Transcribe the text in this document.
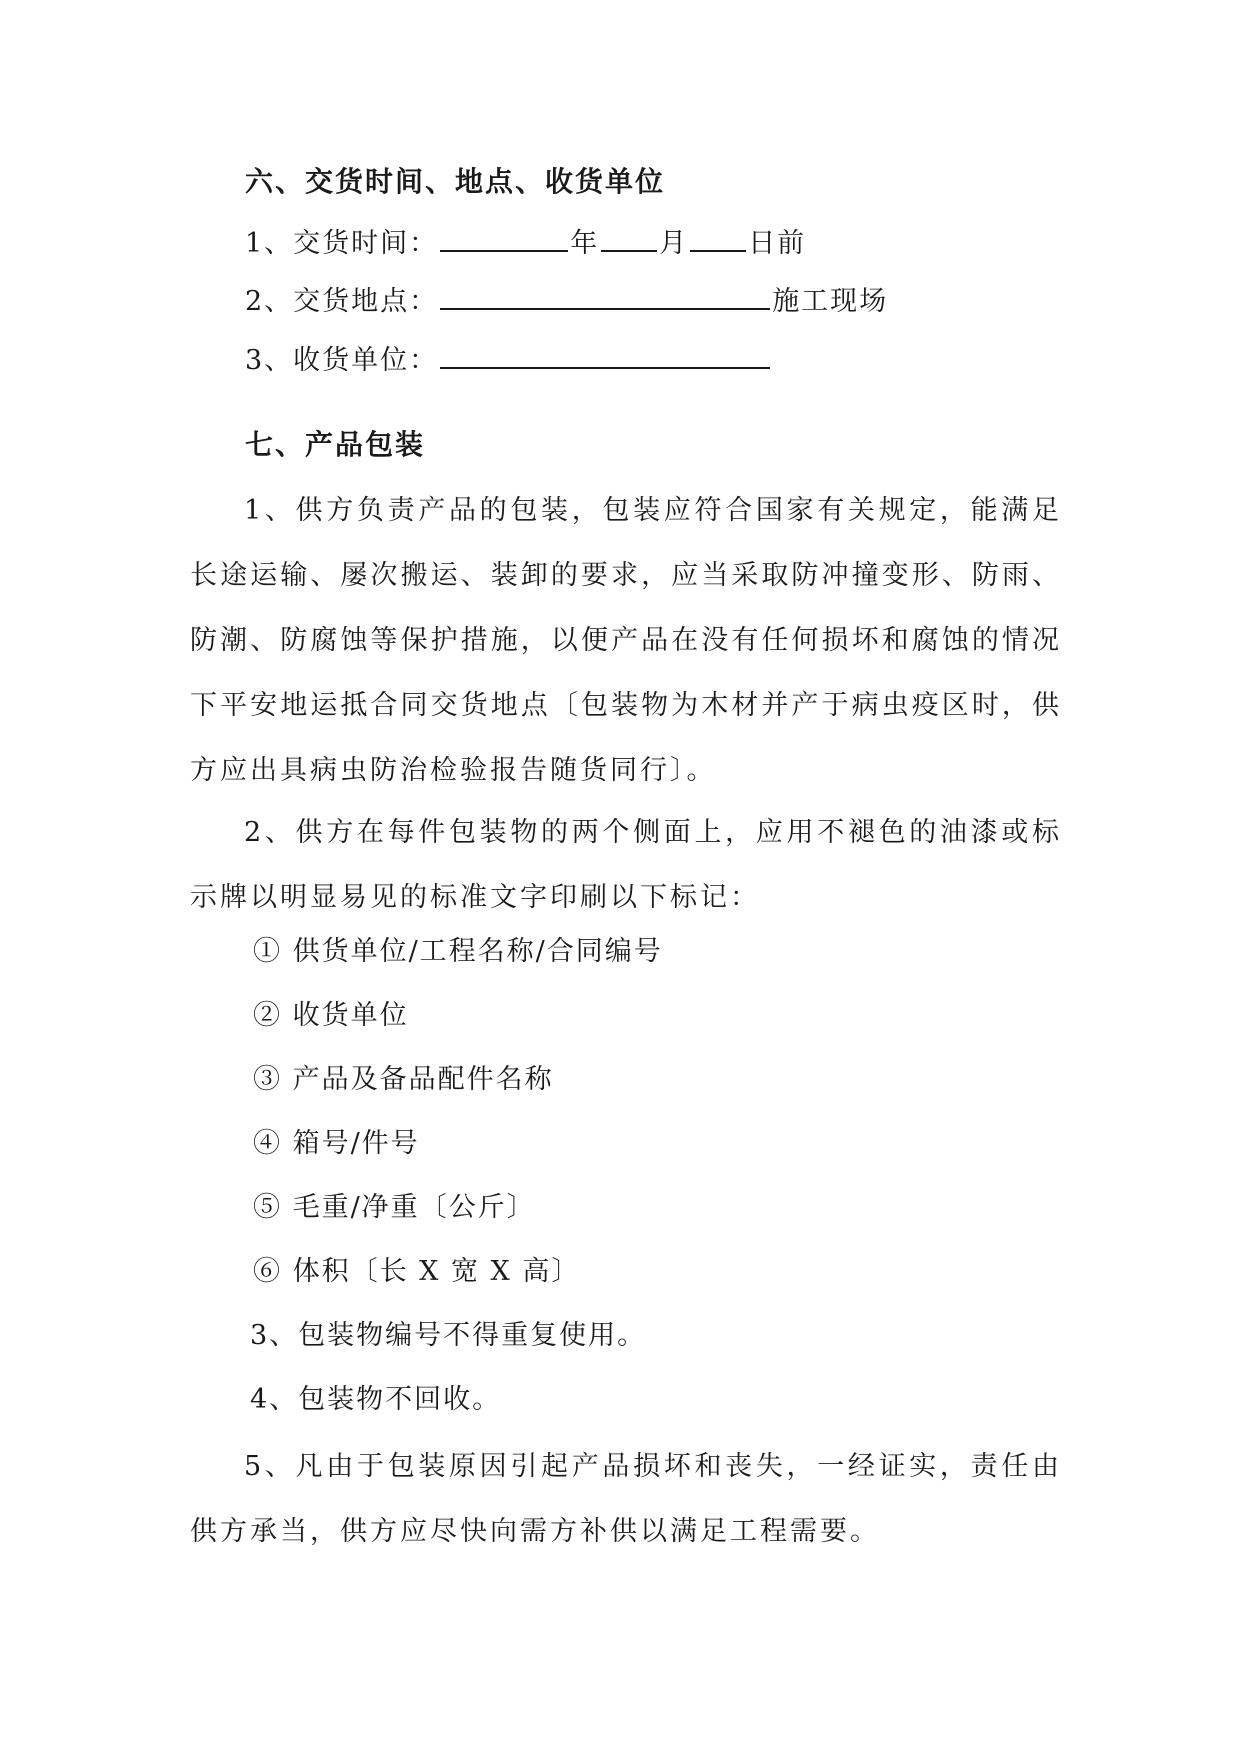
六、交货时间、地点、收货单位
1、交货时间：	年 月 日前
2、交货地点：	施工现场
3、收货单位：
七、产品包装
1、供方负责产品的包装，包装应符合国家有关规定，能满足长途运输、屡次搬运、装卸的要求，应当采取防冲撞变形、防雨、防潮、防腐蚀等保护措施，以便产品在没有任何损坏和腐蚀的情况下平安地运抵合同交货地点〔包装物为木材并产于病虫疫区时，供方应出具病虫防治检验报告随货同行〕。
2、供方在每件包装物的两个侧面上，应用不褪色的油漆或标示牌以明显易见的标准文字印刷以下标记：
① 供货单位/工程名称/合同编号
② 收货单位
③ 产品及备品配件名称
④ 箱号/件号
⑤ 毛重/净重〔公斤〕
⑥ 体积〔长 X 宽 X 高〕
3、包装物编号不得重复使用。
4、包装物不回收。
5、凡由于包装原因引起产品损坏和丧失，一经证实，责任由供方承当，供方应尽快向需方补供以满足工程需要。
